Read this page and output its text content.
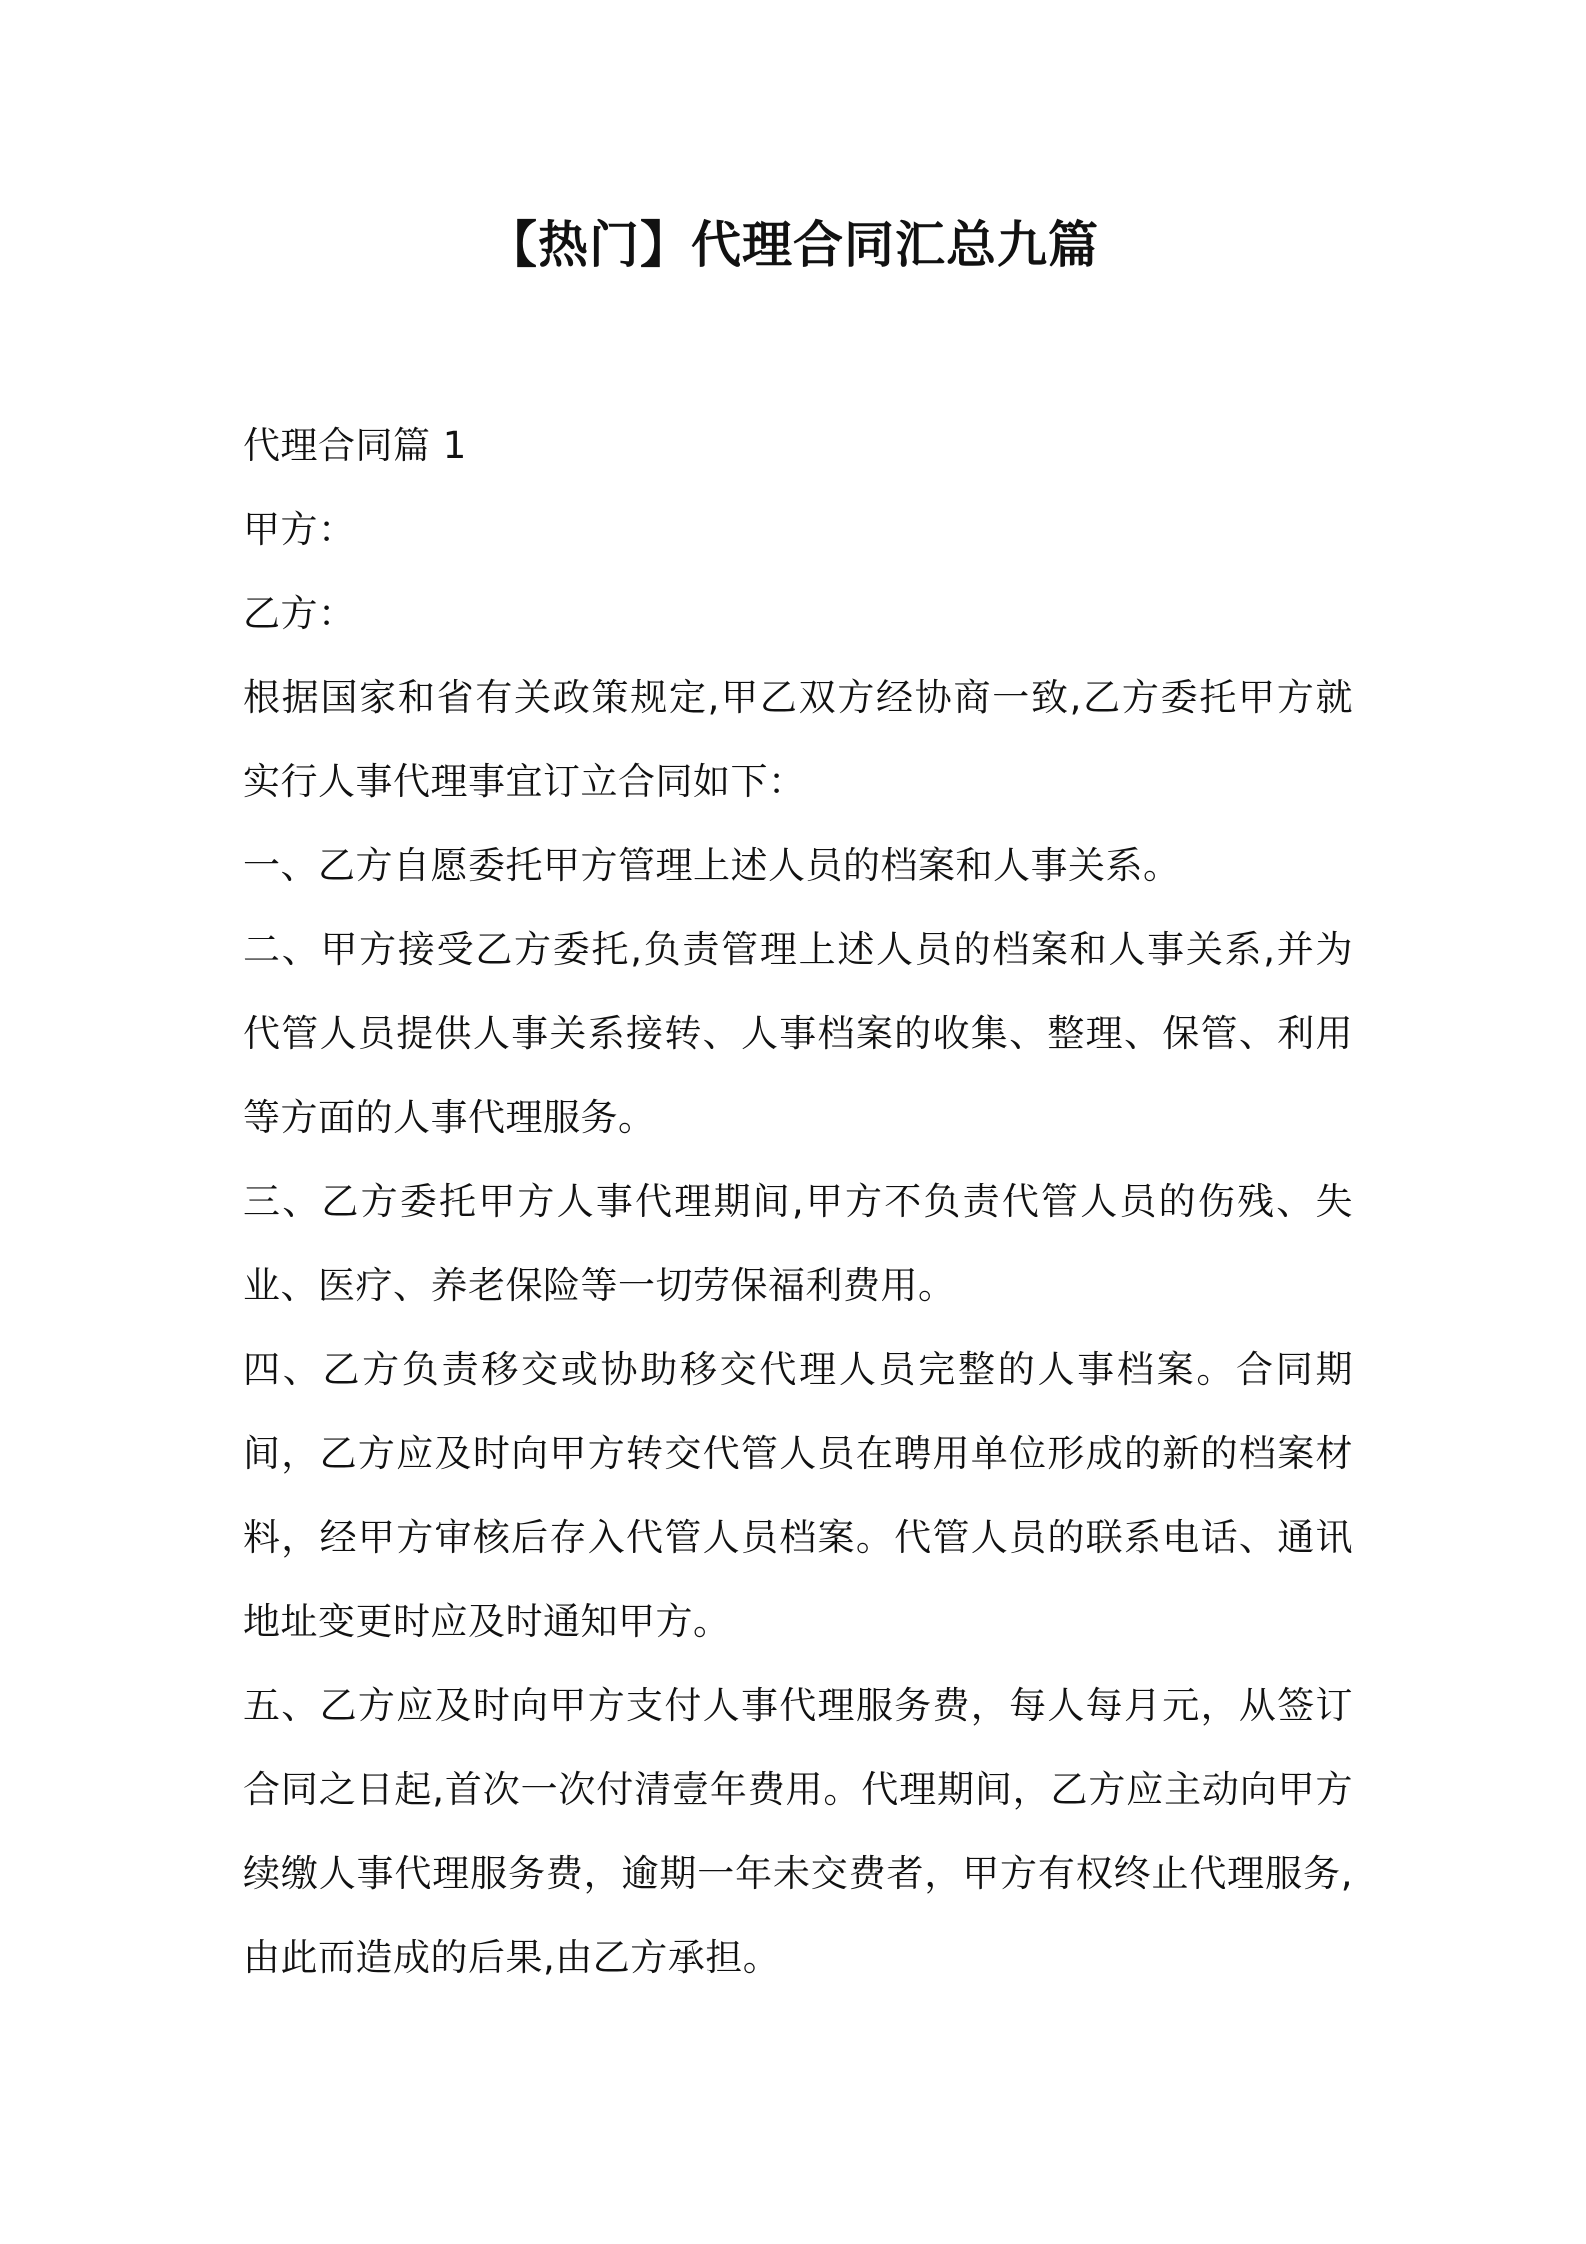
【热门】代理合同汇总九篇

代理合同篇 1

甲方：

乙方：

根据国家和省有关政策规定,甲乙双方经协商一致,乙方委托甲方就实行人事代理事宜订立合同如下：

一、乙方自愿委托甲方管理上述人员的档案和人事关系。

二、甲方接受乙方委托,负责管理上述人员的档案和人事关系,并为代管人员提供人事关系接转、人事档案的收集、整理、保管、利用等方面的人事代理服务。

三、乙方委托甲方人事代理期间,甲方不负责代管人员的伤残、失业、医疗、养老保险等一切劳保福利费用。

四、乙方负责移交或协助移交代理人员完整的人事档案。合同期间，乙方应及时向甲方转交代管人员在聘用单位形成的新的档案材料，经甲方审核后存入代管人员档案。代管人员的联系电话、通讯地址变更时应及时通知甲方。

五、乙方应及时向甲方支付人事代理服务费，每人每月元，从签订合同之日起,首次一次付清壹年费用。代理期间，乙方应主动向甲方续缴人事代理服务费，逾期一年未交费者，甲方有权终止代理服务,由此而造成的后果,由乙方承担。
